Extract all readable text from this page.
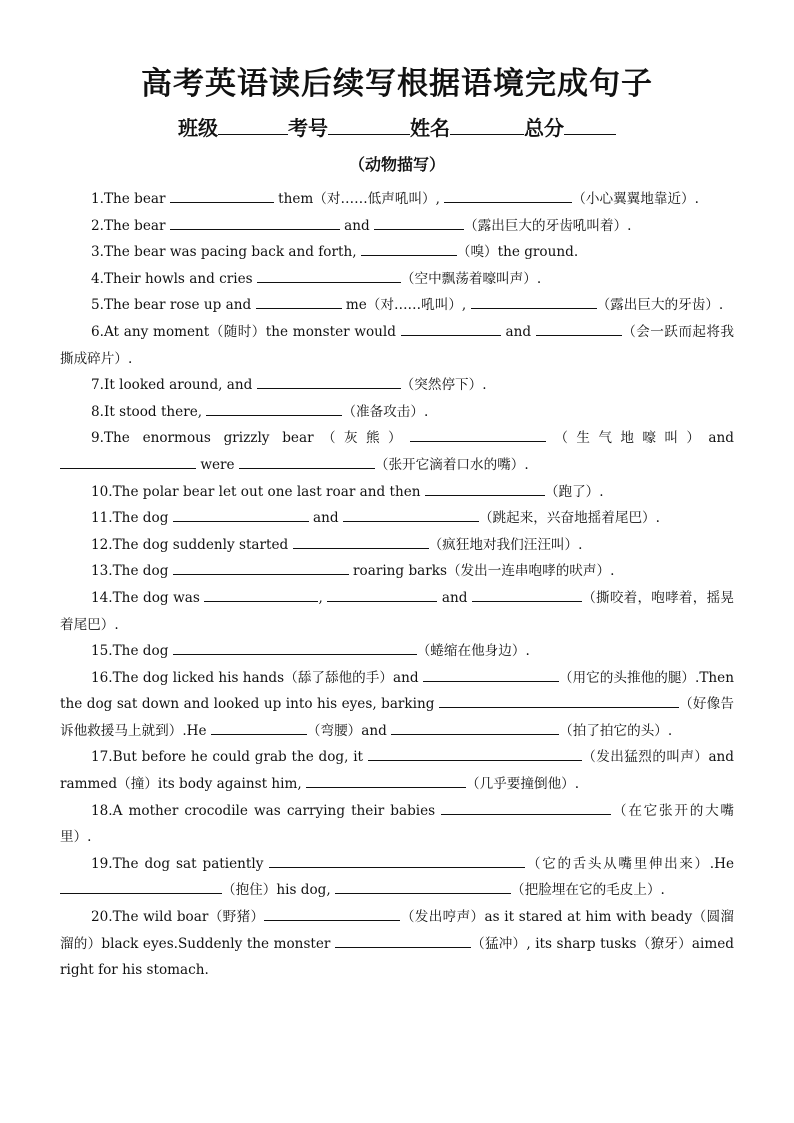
高考英语读后续写根据语境完成句子
班级	考号	姓名	总分
（动物描写）

1.The bear	them（对……低声吼叫）,	（小心翼翼地靠近）.

2.The bear	and	（露出巨大的牙齿吼叫着）.

3.The bear was pacing back and forth,	（嗅）the ground.

4.Their howls and cries	（空中飘荡着嚎叫声）.

5.The bear rose up and	me（对……吼叫）,	（露出巨大的牙齿）.

6.At any moment（随时）the monster would	and	（会一跃而起将我撕成碎片）.

7.It looked around, and	（突然停下）.

8.It stood there,	（准备攻击）.

9.The enormous grizzly bear（灰熊）	（生气地嚎叫）and  were	（张开它滴着口水的嘴）.

10.The polar bear let out one last roar and then	（跑了）.

11.The dog	and	（跳起来，兴奋地摇着尾巴）.

12.The dog suddenly started	（疯狂地对我们汪汪叫）.

13.The dog	roaring barks（发出一连串咆哮的吠声）.

14.The dog was	,	and	（撕咬着，咆哮着，摇晃着尾巴）.

15.The dog	（蜷缩在他身边）.

16.The dog licked his hands（舔了舔他的手）and	（用它的头推他的腿）.Then the dog sat down and looked up into his eyes, barking	（好像告诉他救援马上就到）.He	（弯腰）and	（拍了拍它的头）.

17.But before he could grab the dog, it	（发出猛烈的叫声）and rammed（撞）its body against him,	（几乎要撞倒他）.

18.A mother crocodile was carrying their babies	（在它张开的大嘴里）.

19.The dog sat patiently	（它的舌头从嘴里伸出来）.He （抱住）his dog,	（把脸埋在它的毛皮上）.

20.The wild boar（野猪）	（发出哼声）as it stared at him with beady（圆溜溜的）black eyes.Suddenly the monster	（猛冲）, its sharp tusks（獠牙）aimed right for his stomach.
